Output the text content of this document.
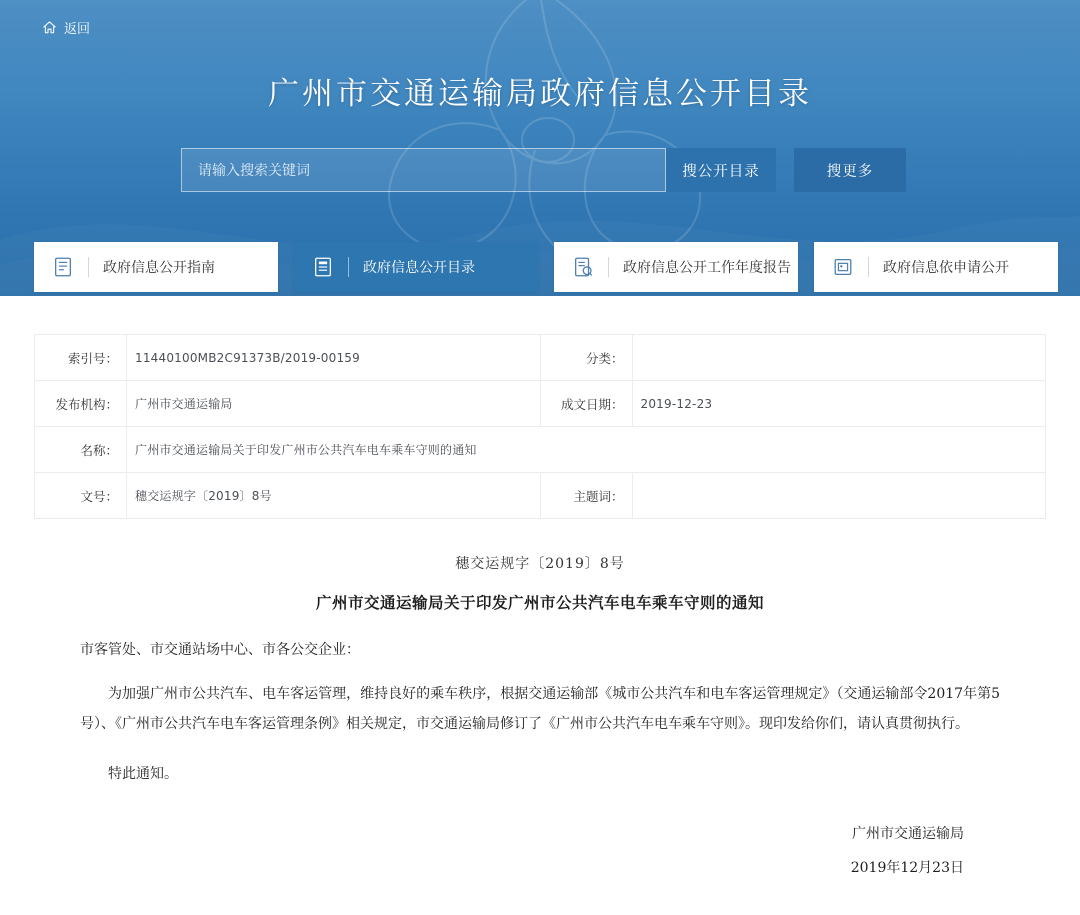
返回
广州市交通运输局政府信息公开目录
请输入搜索关键词
搜公开目录	搜更多
政府信息公开指南	政府信息公开目录	政府信息公开工作年度报告	政府信息依申请公开
索引号：	11440100MB2C91373B/2019-00159	分类：	
发布机构：	广州市交通运输局	成文日期：	2019-12-23
名称：	广州市交通运输局关于印发广州市公共汽车电车乘车守则的通知		
文号：	穗交运规字〔2019〕8号	主题词：	
穗交运规字〔2019〕8号
广州市交通运输局关于印发广州市公共汽车电车乘车守则的通知
市客管处、市交通站场中心、市各公交企业：
为加强广州市公共汽车、电车客运管理，维持良好的乘车秩序，根据交通运输部《城市公共汽车和电车客运管理规定》（交通运输部令2017年第5号）、《广州市公共汽车电车客运管理条例》相关规定，市交通运输局修订了《广州市公共汽车电车乘车守则》。现印发给你们，请认真贯彻执行。
特此通知。
广州市交通运输局
2019年12月23日
